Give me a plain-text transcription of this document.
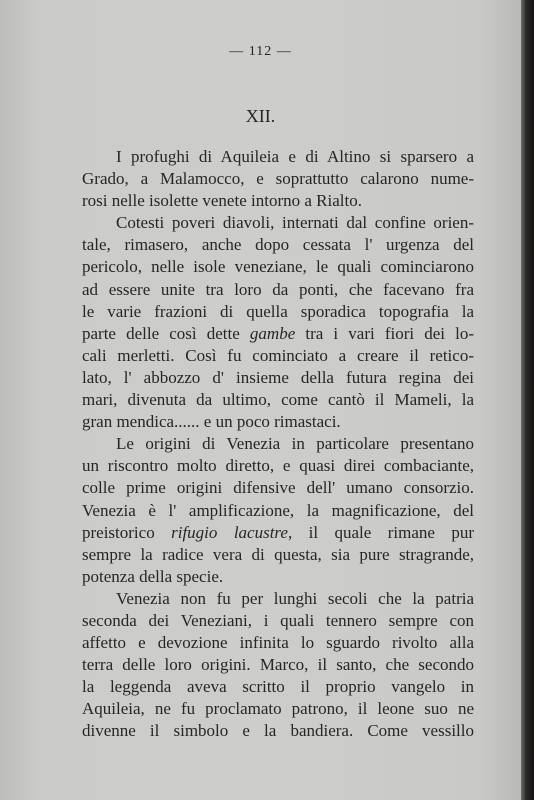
— 112 —
XII.

I profughi di Aquileia e di Altino si sparsero a
Grado, a Malamocco, e soprattutto calarono nume-
rosi nelle isolette venete intorno a Rialto.

Cotesti poveri diavoli, internati dal confine orien-
tale, rimasero, anche dopo cessata l' urgenza del
pericolo, nelle isole veneziane, le quali cominciarono
ad essere unite tra loro da ponti, che facevano fra
le varie frazioni di quella sporadica topografia la
parte delle così dette gambe tra i vari fiori dei lo-
cali merletti. Così fu cominciato a creare il retico-
lato, l' abbozzo d' insieme della futura regina dei
mari, divenuta da ultimo, come cantò il Mameli, la
gran mendica...... e un poco rimastaci.

Le origini di Venezia in particolare presentano
un riscontro molto diretto, e quasi direi combaciante,
colle prime origini difensive dell' umano consorzio.
Venezia è l' amplificazione, la magnificazione, del
preistorico rifugio lacustre, il quale rimane pur
sempre la radice vera di questa, sia pure stragrande,
potenza della specie.

Venezia non fu per lunghi secoli che la patria
seconda dei Veneziani, i quali tennero sempre con
affetto e devozione infinita lo sguardo rivolto alla
terra delle loro origini. Marco, il santo, che secondo
la leggenda aveva scritto il proprio vangelo in
Aquileia, ne fu proclamato patrono, il leone suo ne
divenne il simbolo e la bandiera. Come vessillo
